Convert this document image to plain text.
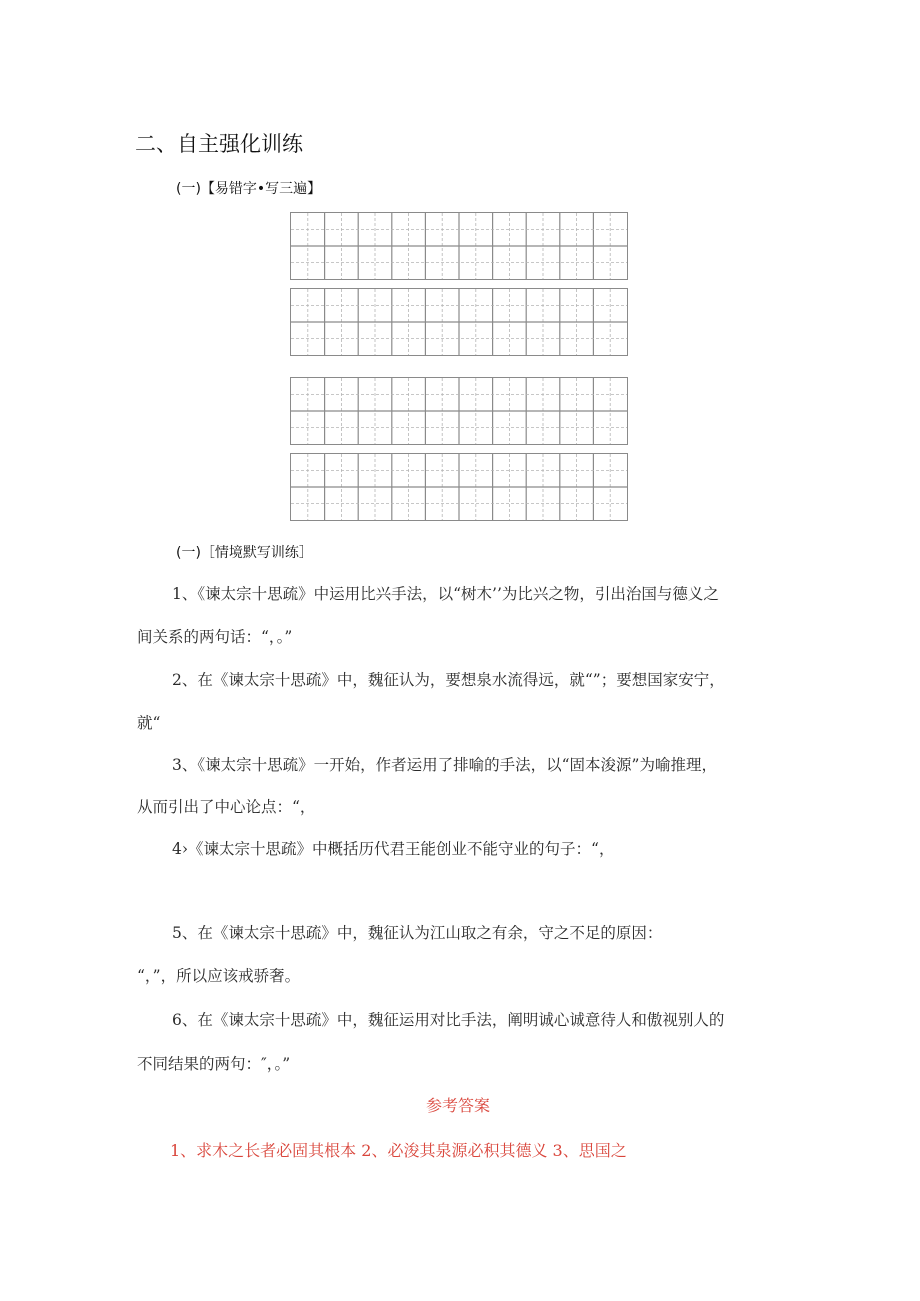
二、自主强化训练
(一)【易错字•写三遍】
(一)［情境默写训练］
1、《谏太宗十思疏》中运用比兴手法，以“树木’’为比兴之物，引出治国与德义之
间关系的两句话：“，。”
2、在《谏太宗十思疏》中，魏征认为，要想泉水流得远，就“”；要想国家安宁，
就“
3、《谏太宗十思疏》一开始，作者运用了排喻的手法，以“固本浚源”为喻推理，
从而引出了中心论点：“，
4›《谏太宗十思疏》中概括历代君王能创业不能守业的句子：“，
5、在《谏太宗十思疏》中，魏征认为江山取之有余，守之不足的原因：
“，”，所以应该戒骄奢。
6、在《谏太宗十思疏》中，魏征运用对比手法，阐明诚心诚意待人和傲视别人的
不同结果的两句：″，。”
参考答案
1、求木之长者必固其根本 2、必浚其泉源必积其德义 3、思国之
